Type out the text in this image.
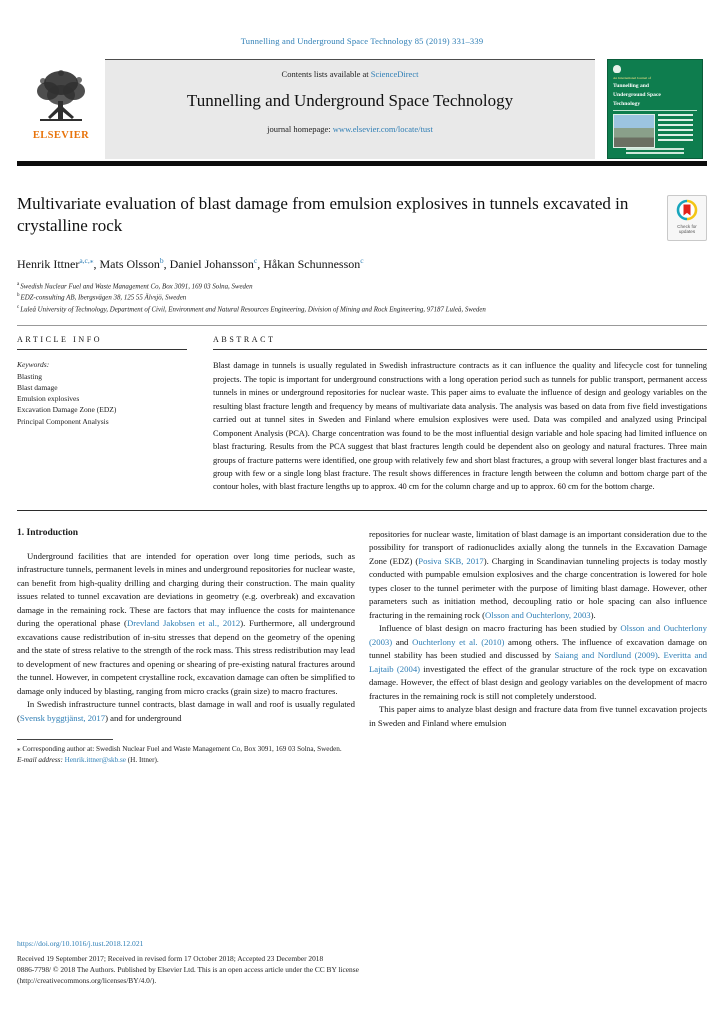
Tunnelling and Underground Space Technology 85 (2019) 331–339
ELSEVIER
Contents lists available at ScienceDirect
Tunnelling and Underground Space Technology
journal homepage: www.elsevier.com/locate/tust
An International Journal of
Tunnelling and
Underground Space
Technology
Multivariate evaluation of blast damage from emulsion explosives in tunnels excavated in crystalline rock	Check for
updates
Henrik Ittner$^{a,c,⁎}$, Mats Olsson$^b$, Daniel Johansson$^c$, Håkan Schunnesson$^c$
$^a$Swedish Nuclear Fuel and Waste Management Co, Box 3091, 169 03 Solna, Sweden
$^b$EDZ-consulting AB, Ibergsvägen 38, 125 55 Älvsjö, Sweden
$^c$Luleå University of Technology, Department of Civil, Environment and Natural Resources Engineering, Division of Mining and Rock Engineering, 97187 Luleå, Sweden
ARTICLE INFO
Keywords:
Blasting
Blast damage
Emulsion explosives
Excavation Damage Zone (EDZ)
Principal Component Analysis
ABSTRACT
Blast damage in tunnels is usually regulated in Swedish infrastructure contracts as it can influence the quality and lifecycle cost for tunneling projects. The topic is important for underground constructions with a long operation period such as tunnels for public transport, permanent access tunnels in mines or underground repositories for nuclear waste. This paper aims to evaluate the influence of design and geology variables on the resulting blast fracture length and frequency by means of multivariate data analysis. The analysis was based on data from five field investigations carried out at tunnel sites in Sweden and Finland where emulsion explosives were used. Data was compiled and analyzed using Principal Component Analysis (PCA). Charge concentration was found to be the most influential design variable and hole spacing had limited influence on blast fracturing. Results from the PCA suggest that blast fractures length could be dependent also on geology and natural fractures. Three main groups of fracture patterns were identified, one group with relatively few and short blast fractures, a group with several longer blast fractures and a group with few or a single long blast fracture. The result shows differences in fracture length between the column and bottom charge part of the contour holes, with blast fracture lengths up to approx. 40 cm for the column charge and up to approx. 60 cm for the bottom charge.
1. Introduction
Underground facilities that are intended for operation over long time periods, such as infrastructure tunnels, permanent levels in mines and underground repositories for nuclear waste, can benefit from high-quality drilling and charging during their construction. The main quality issues related to tunnel excavation are deviations in geometry (e.g. overbreak) and excavation damage in the remaining rock. These are factors that may influence the costs for maintenance during the operational phase (Drevland Jakobsen et al., 2012). Furthermore, all underground excavations cause redistribution of in-situ stresses that depend on the geometry of the opening and the state of stress relative to the strength of the rock mass. This stress redistribution may lead to development of new fractures and opening or shearing of pre-existing natural fractures around the tunnel. However, in competent crystalline rock, excavation damage can often be simplified to damage only induced by blasting, ranging from micro cracks (grain size) to macro fractures.
In Swedish infrastructure tunnel contracts, blast damage in wall and roof is usually regulated (Svensk byggtjänst, 2017) and for underground
⁎ Corresponding author at: Swedish Nuclear Fuel and Waste Management Co, Box 3091, 169 03 Solna, Sweden.
E-mail address: Henrik.ittner@skb.se (H. Ittner).
repositories for nuclear waste, limitation of blast damage is an important consideration due to the possibility for transport of radionuclides axially along the tunnels in the Excavation Damage Zone (EDZ) (Posiva SKB, 2017). Charging in Scandinavian tunneling projects is today mostly conducted with pumpable emulsion explosives and the charge concentration is lowered for hole types closer to the tunnel perimeter with the purpose of limiting blast damage. However, other parameters such as initiation method, decoupling ratio or hole spacing can also influence fracturing in the remaining rock (Olsson and Ouchterlony, 2003).
Influence of blast design on macro fracturing has been studied by Olsson and Ouchterlony (2003) and Ouchterlony et al. (2010) among others. The influence of excavation damage on tunnel stability has been studied and discussed by Saiang and Nordlund (2009). Everitta and Lajtaib (2004) investigated the effect of the granular structure of the rock type on excavation damage. However, the effect of blast design and geology variables on the development of macro fractures in the remaining rock is still not completely understood.
This paper aims to analyze blast design and fracture data from five tunnel excavation projects in Sweden and Finland where emulsion
https://doi.org/10.1016/j.tust.2018.12.021
Received 19 September 2017; Received in revised form 17 October 2018; Accepted 23 December 2018
0886-7798/ © 2018 The Authors. Published by Elsevier Ltd. This is an open access article under the CC BY license
(http://creativecommons.org/licenses/BY/4.0/).
